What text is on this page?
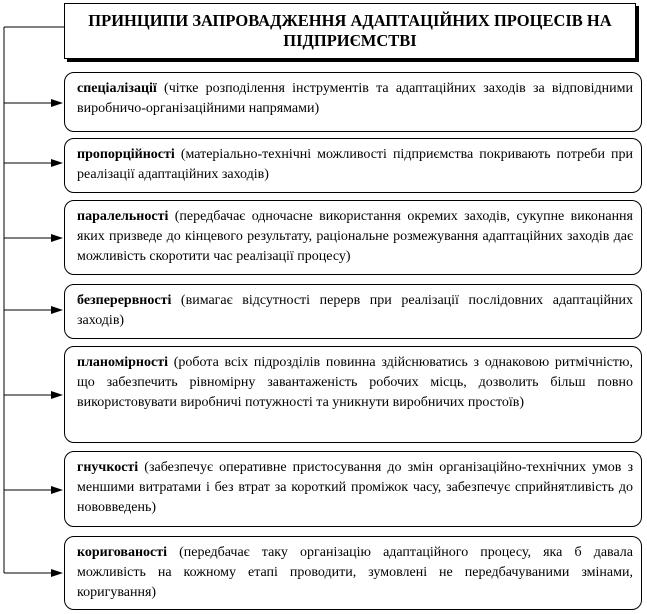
ПРИНЦИПИ ЗАПРОВАДЖЕННЯ АДАПТАЦІЙНИХ ПРОЦЕСІВ НА ПІДПРИЄМСТВІ
спеціалізації (чітке розподілення інструментів та адаптаційних заходів за відповідними виробничо-організаційними напрямами)
пропорційності (матеріально-технічні можливості підприємства покривають потреби при реалізації адаптаційних заходів)
паралельності (передбачає одночасне використання окремих заходів, сукупне виконання яких призведе до кінцевого результату, раціональне розмежування адаптаційних заходів дає можливість скоротити час реалізації процесу)
безперервності (вимагає відсутності перерв при реалізації послідовних адаптаційних заходів)
планомірності (робота всіх підрозділів повинна здійснюватись з однаковою ритмічністю, що забезпечить рівномірну завантаженість робочих місць, дозволить більш повно використовувати виробничі потужності та уникнути виробничих простоїв)
гнучкості (забезпечує оперативне пристосування до змін організаційно-технічних умов з меншими витратами і без втрат за короткий проміжок часу, забезпечує сприйнятливість до нововведень)
коригованості (передбачає таку організацію адаптаційного процесу, яка б давала можливість на кожному етапі проводити, зумовлені не передбачуваними змінами, коригування)
